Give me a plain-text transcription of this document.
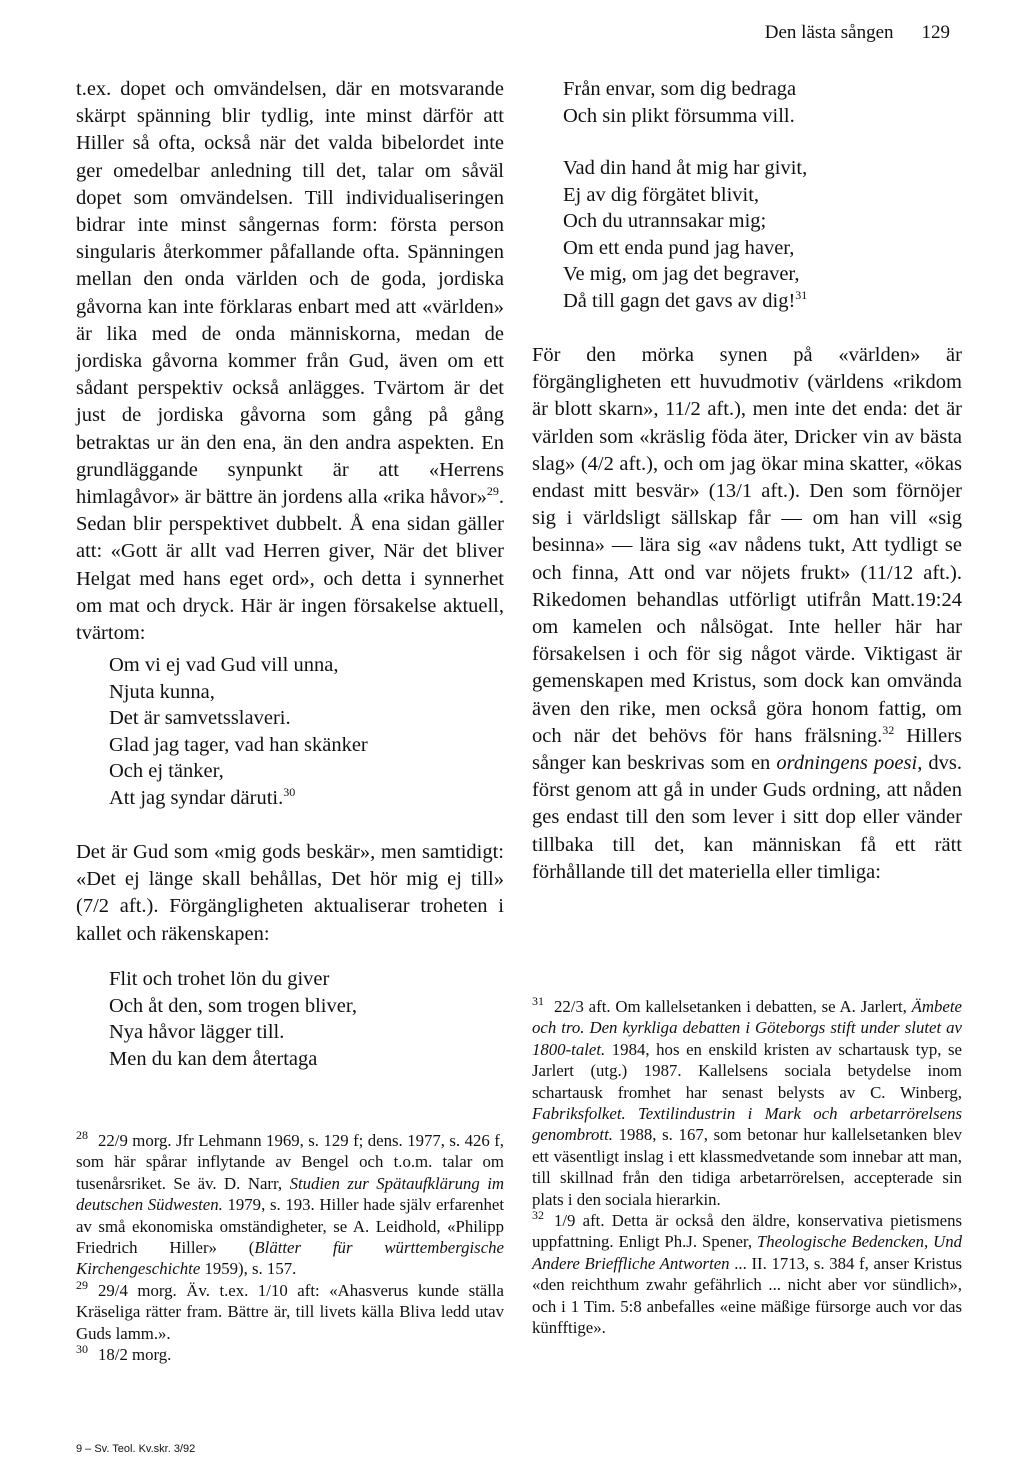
Den lästa sången 129

t.ex. dopet och omvändelsen, där en motsvarande skärpt spänning blir tydlig, inte minst därför att Hiller så ofta, också när det valda bibelordet inte ger omedelbar anledning till det, talar om såväl dopet som omvändelsen. Till individualiseringen bidrar inte minst sångernas form: första person singularis återkommer påfallande ofta. Spänningen mellan den onda världen och de goda, jordiska gåvorna kan inte förklaras enbart med att «världen» är lika med de onda människorna, medan de jordiska gåvorna kommer från Gud, även om ett sådant perspektiv också anlägges. Tvärtom är det just de jordiska gåvorna som gång på gång betraktas ur än den ena, än den andra aspekten. En grundläggande synpunkt är att «Herrens himlagåvor» är bättre än jordens alla «rika håvor»$^{29}$. Sedan blir perspektivet dubbelt. Å ena sidan gäller att: «Gott är allt vad Herren giver, När det bliver Helgat med hans eget ord», och detta i synnerhet om mat och dryck. Här är ingen försakelse aktuell, tvärtom:

Om vi ej vad Gud vill unna,
Njuta kunna,
Det är samvetsslaveri.
Glad jag tager, vad han skänker
Och ej tänker,
Att jag syndar däruti.$^{30}$

Det är Gud som «mig gods beskär», men samtidigt: «Det ej länge skall behållas, Det hör mig ej till» (7/2 aft.). Förgängligheten aktualiserar troheten i kallet och räkenskapen:

Flit och trohet lön du giver
Och åt den, som trogen bliver,
Nya håvor lägger till.
Men du kan dem återtaga

$^{28}$ 22/9 morg. Jfr Lehmann 1969, s. 129 f; dens. 1977, s. 426 f, som här spårar inflytande av Bengel och t.o.m. talar om tusenårsriket. Se äv. D. Narr, Studien zur Spätaufklärung im deutschen Südwesten. 1979, s. 193. Hiller hade själv erfarenhet av små ekonomiska omständigheter, se A. Leidhold, «Philipp Friedrich Hiller» (Blätter für württembergische Kirchengeschichte 1959), s. 157.

$^{29}$ 29/4 morg. Äv. t.ex. 1/10 aft: «Ahasverus kunde ställa Kräseliga rätter fram. Bättre är, till livets källa Bliva ledd utav Guds lamm.».

$^{30}$ 18/2 morg.

9 – Sv. Teol. Kv.skr. 3/92
Från envar, som dig bedraga
Och sin plikt försumma vill.
Vad din hand åt mig har givit,
Ej av dig förgätet blivit,
Och du utrannsakar mig;
Om ett enda pund jag haver,
Ve mig, om jag det begraver,
Då till gagn det gavs av dig!$^{31}$

För den mörka synen på «världen» är förgängligheten ett huvudmotiv (världens «rikdom är blott skarn», 11/2 aft.), men inte det enda: det är världen som «kräslig föda äter, Dricker vin av bästa slag» (4/2 aft.), och om jag ökar mina skatter, «ökas endast mitt besvär» (13/1 aft.). Den som förnöjer sig i världsligt sällskap får — om han vill «sig besinna» — lära sig «av nådens tukt, Att tydligt se och finna, Att ond var nöjets frukt» (11/12 aft.). Rikedomen behandlas utförligt utifrån Matt.19:24 om kamelen och nålsögat. Inte heller här har försakelsen i och för sig något värde. Viktigast är gemenskapen med Kristus, som dock kan omvända även den rike, men också göra honom fattig, om och när det behövs för hans frälsning.$^{32}$ Hillers sånger kan beskrivas som en ordningens poesi, dvs. först genom att gå in under Guds ordning, att nåden ges endast till den som lever i sitt dop eller vänder tillbaka till det, kan människan få ett rätt förhållande till det materiella eller timliga:

$^{31}$ 22/3 aft. Om kallelsetanken i debatten, se A. Jarlert, Ämbete och tro. Den kyrkliga debatten i Göteborgs stift under slutet av 1800-talet. 1984, hos en enskild kristen av schartausk typ, se Jarlert (utg.) 1987. Kallelsens sociala betydelse inom schartausk fromhet har senast belysts av C. Winberg, Fabriksfolket. Textilindustrin i Mark och arbetarrörelsens genombrott. 1988, s. 167, som betonar hur kallelsetanken blev ett väsentligt inslag i ett klassmedvetande som innebar att man, till skillnad från den tidiga arbetarrörelsen, accepterade sin plats i den sociala hierarkin.

$^{32}$ 1/9 aft. Detta är också den äldre, konservativa pietismens uppfattning. Enligt Ph.J. Spener, Theologische Bedencken, Und Andere Brieffliche Antworten ... II. 1713, s. 384 f, anser Kristus «den reichthum zwahr gefährlich ... nicht aber vor sündlich», och i 1 Tim. 5:8 anbefalles «eine mäßige fürsorge auch vor das künfftige».
